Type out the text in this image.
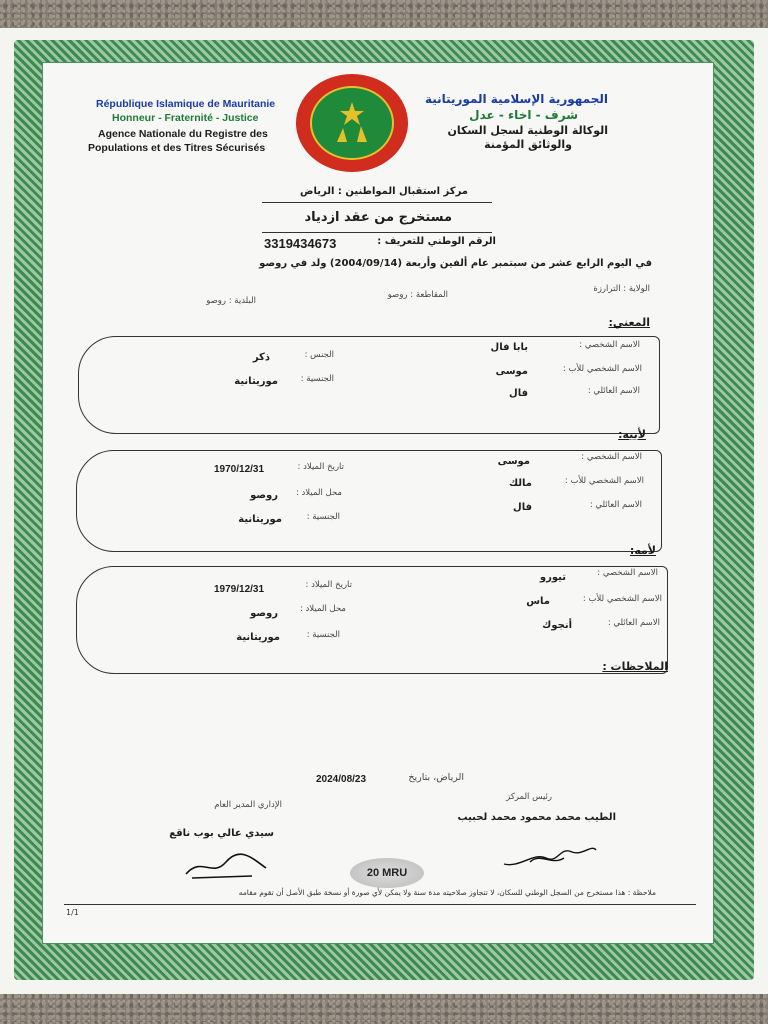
République Islamique de Mauritanie
Honneur - Fraternité - Justice
Agence Nationale du Registre des
Populations et des Titres Sécurisés
الجمهورية الإسلامية الموريتانية
شرف - اخاء - عدل
الوكالة الوطنية لسجل السكان
والوثائق المؤمنة
مركز استقبال المواطنين : الرياض
مستخرج من عقد ازدياد
الرقم الوطني للتعريف :
3319434673
في اليوم الرابع عشر من سبتمبر عام ألفين وأربعة (2004/09/14) ولد في روصو
الولاية : الترارزة
المقاطعة : روصو
البلدية : روصو
المعني:
الاسم الشخصي :
بابا فال
الاسم الشخصي للأب :
موسى
الاسم العائلي :
فال
الجنس :
ذكر
الجنسية :
موريتانية
لأبيه:
الاسم الشخصي :
موسى
الاسم الشخصي للأب :
مالك
الاسم العائلي :
فال
تاريخ الميلاد :
1970/12/31
محل الميلاد :
روصو
الجنسية :
موريتانية
لأمه:
الاسم الشخصي :
تيورو
الاسم الشخصي للأب :
ماس
الاسم العائلي :
أنجوك
تاريخ الميلاد :
1979/12/31
محل الميلاد :
روصو
الجنسية :
موريتانية
الملاحظات :
الرياض، بتاريخ
2024/08/23
الإداري المدير العام
سيدي عالي بوب ناقع
رئيس المركز
الطيب محمد محمود محمد لحبيب
20 MRU
ملاحظة : هذا مستخرج من السجل الوطني للسكان، لا تتجاوز صلاحيته مدة سنة ولا يمكن لأي صورة أو نسخة طبق الأصل أن تقوم مقامه
1/1
